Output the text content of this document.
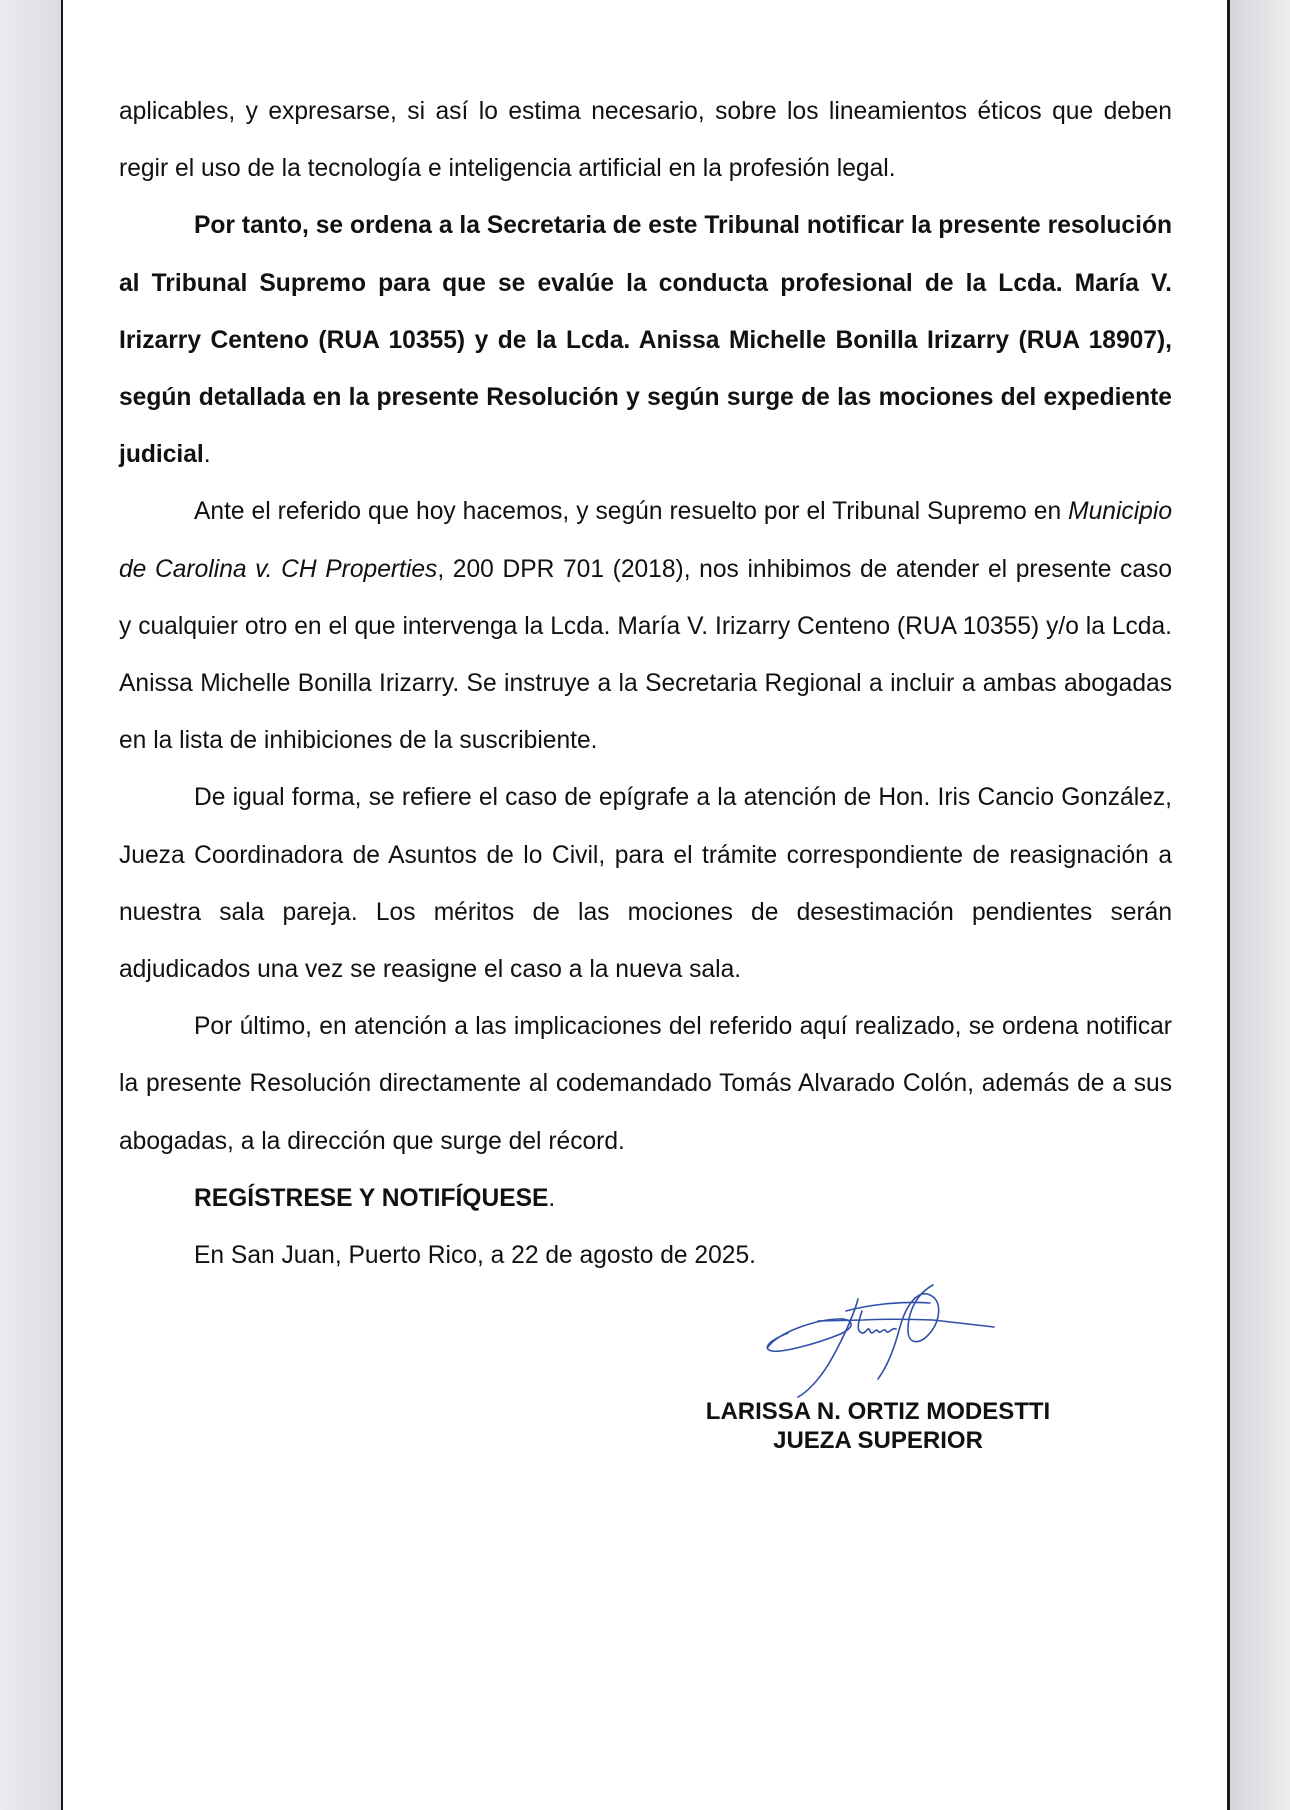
aplicables, y expresarse, si así lo estima necesario, sobre los lineamientos éticos que deben
regir el uso de la tecnología e inteligencia artificial en la profesión legal.

Por tanto, se ordena a la Secretaria de este Tribunal notificar la presente resolución
al Tribunal Supremo para que se evalúe la conducta profesional de la Lcda. María V.
Irizarry Centeno (RUA 10355) y de la Lcda. Anissa Michelle Bonilla Irizarry (RUA 18907),
según detallada en la presente Resolución y según surge de las mociones del expediente
judicial.

Ante el referido que hoy hacemos, y según resuelto por el Tribunal Supremo en Municipio
de Carolina v. CH Properties, 200 DPR 701 (2018), nos inhibimos de atender el presente caso
y cualquier otro en el que intervenga la Lcda. María V. Irizarry Centeno (RUA 10355) y/o la Lcda.
Anissa Michelle Bonilla Irizarry. Se instruye a la Secretaria Regional a incluir a ambas abogadas
en la lista de inhibiciones de la suscribiente.

De igual forma, se refiere el caso de epígrafe a la atención de Hon. Iris Cancio González,
Jueza Coordinadora de Asuntos de lo Civil, para el trámite correspondiente de reasignación a
nuestra sala pareja. Los méritos de las mociones de desestimación pendientes serán
adjudicados una vez se reasigne el caso a la nueva sala.

Por último, en atención a las implicaciones del referido aquí realizado, se ordena notificar
la presente Resolución directamente al codemandado Tomás Alvarado Colón, además de a sus
abogadas, a la dirección que surge del récord.

REGÍSTRESE Y NOTIFÍQUESE.
En San Juan, Puerto Rico, a 22 de agosto de 2025.
LARISSA N. ORTIZ MODESTTI
JUEZA SUPERIOR
